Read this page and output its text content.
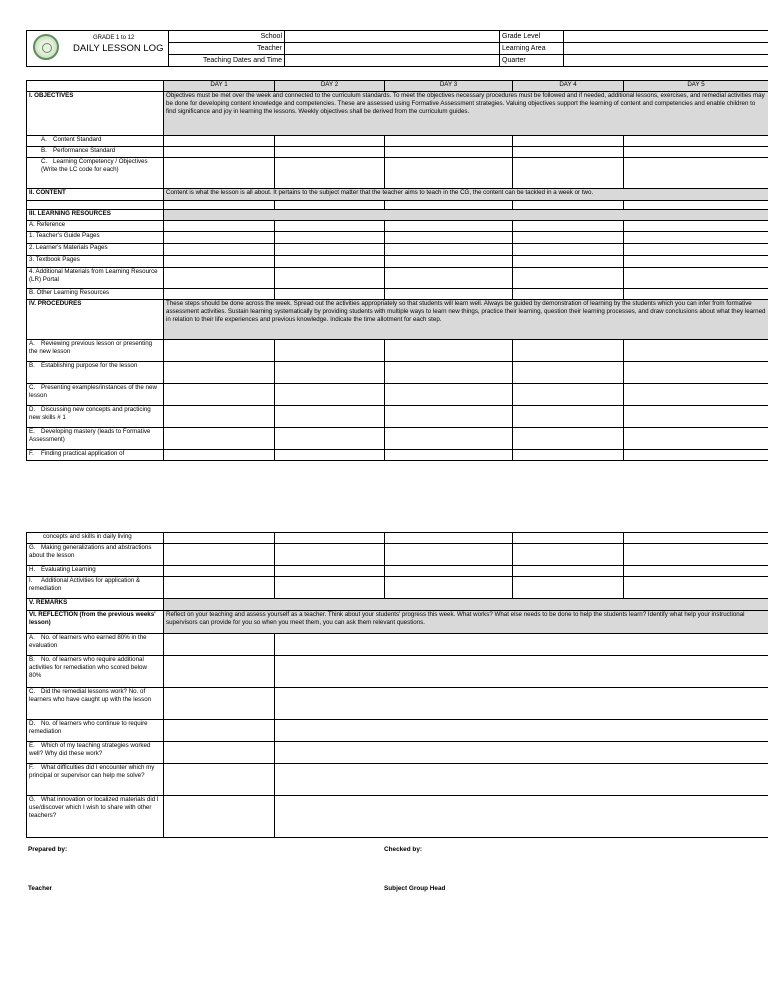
GRADE 1 to 12
DAILY LESSON LOG	School		Grade Level	
	Teacher		Learning Area	
	Teaching Dates and Time		Quarter	
	DAY 1	DAY 2	DAY 3	DAY 4	DAY 5
I. OBJECTIVES	Objectives must be met over the week and connected to the curriculum standards. To meet the objectives necessary procedures must be followed and if needed, additional lessons, exercises, and remedial activities may be done for developing content knowledge and competencies. These are assessed using Formative Assessment strategies. Valuing objectives support the learning of content and competencies and enable children to find significance and joy in learning the lessons. Weekly objectives shall be derived from the curriculum guides.				
A. Content Standard					
B. Performance Standard					
C. Learning Competency / Objectives (Write the LC code for each)					
II. CONTENT	Content is what the lesson is all about. It pertains to the subject matter that the teacher aims to teach in the CG, the content can be tackled in a week or two.				

III. LEARNING RESOURCES					
A. Reference					
1. Teacher's Guide Pages					
2. Learner's Materials Pages					
3. Textbook Pages					
4. Additional Materials from Learning Resource (LR) Portal					
B. Other Learning Resources					
IV. PROCEDURES	These steps should be done across the week. Spread out the activities appropriately so that students will learn well. Always be guided by demonstration of learning by the students which you can infer from formative assessment activities. Sustain learning systematically by providing students with multiple ways to learn new things, practice their learning, question their learning processes, and draw conclusions about what they learned in relation to their life experiences and previous knowledge. Indicate the time allotment for each step.				
A. Reviewing previous lesson or presenting the new lesson					
B. Establishing purpose for the lesson					
C. Presenting examples/instances of the new lesson					
D. Discussing new concepts and practicing new skills # 1					
E. Developing mastery (leads to Formative Assessment)					
F. Finding practical application of					
concepts and skills in daily living					
G. Making generalizations and abstractions about the lesson					
H. Evaluating Learning					
I. Additional Activities for application & remediation					
V. REMARKS					
VI. REFLECTION (from the previous weeks' lesson)	Reflect on your teaching and assess yourself as a teacher. Think about your students' progress this week. What works? What else needs to be done to help the students learn? Identify what help your instructional supervisors can provide for you so when you meet them, you can ask them relevant questions.				
A. No. of learners who earned 80% in the evaluation					
B. No. of learners who require additional activities for remediation who scored below 80%					
C. Did the remedial lessons work? No. of learners who have caught up with the lesson					
D. No. of learners who continue to require remediation					
E. Which of my teaching strategies worked well? Why did these work?					
F. What difficulties did I encounter which my principal or supervisor can help me solve?					
G. What innovation or localized materials did I use/discover which I wish to share with other teachers?					
Prepared by:	Checked by:
Teacher	Subject Group Head
